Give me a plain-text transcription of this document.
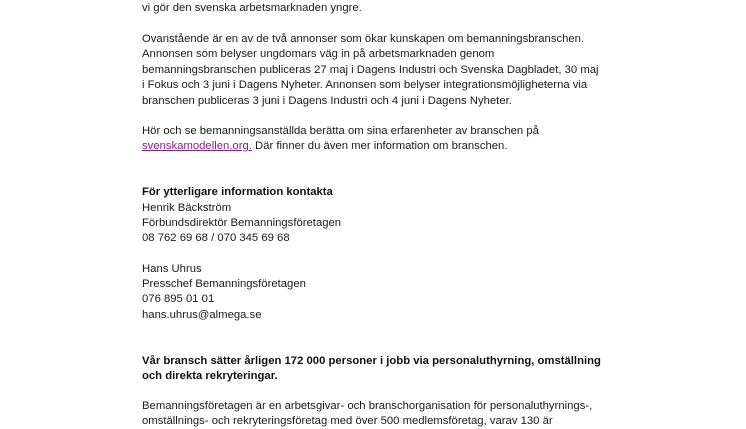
vi gör den svenska arbetsmarknaden yngre.
Ovanstående är en av de två annonser som ökar kunskapen om bemanningsbranschen.
Annonsen som belyser ungdomars väg in på arbetsmarknaden genom
bemanningsbranschen publiceras 27 maj i Dagens Industri och Svenska Dagbladet, 30 maj
i Fokus och 3 juni i Dagens Nyheter. Annonsen som belyser integrationsmöjligheterna via
branschen publiceras 3 juni i Dagens Industri och 4 juni i Dagens Nyheter.
Hör och se bemanningsanställda berätta om sina erfarenheter av branschen på
svenskamodellen.org. Där finner du även mer information om branschen.
För ytterligare information kontakta
Henrik Bäckström
Förbundsdirektör Bemanningsföretagen
08 762 69 68 / 070 345 69 68
Hans Uhrus
Presschef Bemanningsföretagen
076 895 01 01
hans.uhrus@almega.se
Vår bransch sätter årligen 172 000 personer i jobb via personaluthyrning, omställning
och direkta rekryteringar.
Bemanningsföretagen är en arbetsgivar- och branschorganisation för personaluthyrnings-,
omställnings- och rekryteringsföretag med över 500 medlemsföretag, varav 130 är
